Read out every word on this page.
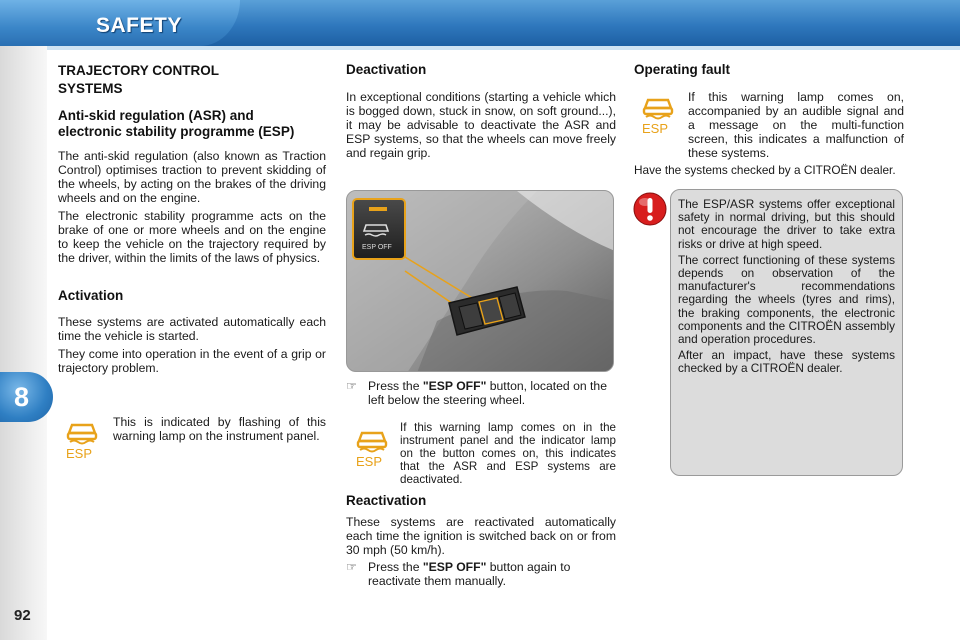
SAFETY
8
92
TRAJECTORY CONTROL SYSTEMS
Anti-skid regulation (ASR) and electronic stability programme (ESP)

The anti-skid regulation (also known as Traction Control) optimises traction to prevent skidding of the wheels, by acting on the brakes of the driving wheels and on the engine.

The electronic stability programme acts on the brake of one or more wheels and on the engine to keep the vehicle on the trajectory required by the driver, within the limits of the laws of physics.

Activation

These systems are activated automatically each time the vehicle is started.

They come into operation in the event of a grip or trajectory problem.

ESP

This is indicated by flashing of this warning lamp on the instrument panel.

Deactivation

In exceptional conditions (starting a vehicle which is bogged down, stuck in snow, on soft ground...), it may be advisable to deactivate the ASR and ESP systems, so that the wheels can move freely and regain grip.

ESP OFF
☞ Press the "ESP OFF" button, located on the left below the steering wheel.
ESP

If this warning lamp comes on in the instrument panel and the indicator lamp on the button comes on, this indicates that the ASR and ESP systems are deactivated.

Reactivation

These systems are reactivated automatically each time the ignition is switched back on or from 30 mph (50 km/h).

☞ Press the "ESP OFF" button again to reactivate them manually.
Operating fault
ESP

If this warning lamp comes on, accompanied by an audible signal and a message on the multi-function screen, this indicates a malfunction of these systems.

Have the systems checked by a CITROËN dealer.

The ESP/ASR systems offer exceptional safety in normal driving, but this should not encourage the driver to take extra risks or drive at high speed.

The correct functioning of these systems depends on observation of the manufacturer's recommendations regarding the wheels (tyres and rims), the braking components, the electronic components and the CITROËN assembly and operation procedures.

After an impact, have these systems checked by a CITROËN dealer.
